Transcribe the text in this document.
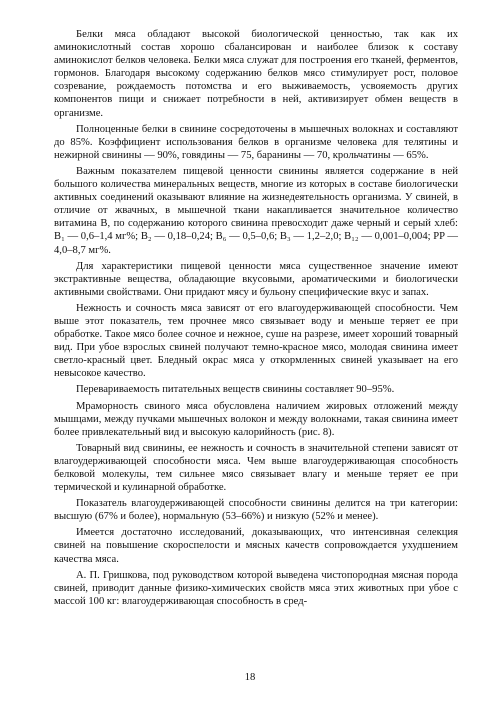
Белки мяса обладают высокой биологической ценностью, так как их аминокислотный состав хорошо сбалансирован и наиболее близок к составу аминокислот белков человека. Белки мяса служат для построения его тканей, ферментов, гормонов. Благодаря высокому содержанию белков мясо стимулирует рост, половое созревание, рождаемость потомства и его выживаемость, усвояемость других компонентов пищи и снижает потребности в ней, активизирует обмен веществ в организме.

Полноценные белки в свинине сосредоточены в мышечных волокнах и составляют до 85%. Коэффициент использования белков в организме человека для телятины и нежирной свинины — 90%, говядины — 75, баранины — 70, крольчатины — 65%.

Важным показателем пищевой ценности свинины является содержание в ней большого количества минеральных веществ, многие из которых в составе биологически активных соединений оказывают влияние на жизнедеятельность организма. У свиней, в отличие от жвачных, в мышечной ткани накапливается значительное количество витамина B, по содержанию которого свинина превосходит даже черный и серый хлеб: B₁ — 0,6–1,4 мг%; B₂ — 0,18–0,24; B₆ — 0,5–0,6; B₃ — 1,2–2,0; B₁₂ — 0,001–0,004; PP — 4,0–8,7 мг%.

Для характеристики пищевой ценности мяса существенное значение имеют экстрактивные вещества, обладающие вкусовыми, ароматическими и биологически активными свойствами. Они придают мясу и бульону специфические вкус и запах.

Нежность и сочность мяса зависят от его влагоудерживающей способности. Чем выше этот показатель, тем прочнее мясо связывает воду и меньше теряет ее при обработке. Такое мясо более сочное и нежное, суше на разрезе, имеет хороший товарный вид. При убое взрослых свиней получают темно-красное мясо, молодая свинина имеет светло-красный цвет. Бледный окрас мяса у откормленных свиней указывает на его невысокое качество.

Перевариваемость питательных веществ свинины составляет 90–95%.

Мраморность свиного мяса обусловлена наличием жировых отложений между мышцами, между пучками мышечных волокон и между волокнами, такая свинина имеет более привлекательный вид и высокую калорийность (рис. 8).

Товарный вид свинины, ее нежность и сочность в значительной степени зависят от влагоудерживающей способности мяса. Чем выше влагоудерживающая способность белковой молекулы, тем сильнее мясо связывает влагу и меньше теряет ее при термической и кулинарной обработке.

Показатель влагоудерживающей способности свинины делится на три категории: высшую (67% и более), нормальную (53–66%) и низкую (52% и менее).

Имеется достаточно исследований, доказывающих, что интенсивная селекция свиней на повышение скороспелости и мясных качеств сопровождается ухудшением качества мяса.

А. П. Гришкова, под руководством которой выведена чистопородная мясная порода свиней, приводит данные физико-химических свойств мяса этих животных при убое с массой 100 кг: влагоудерживающая способность в сред-

18
